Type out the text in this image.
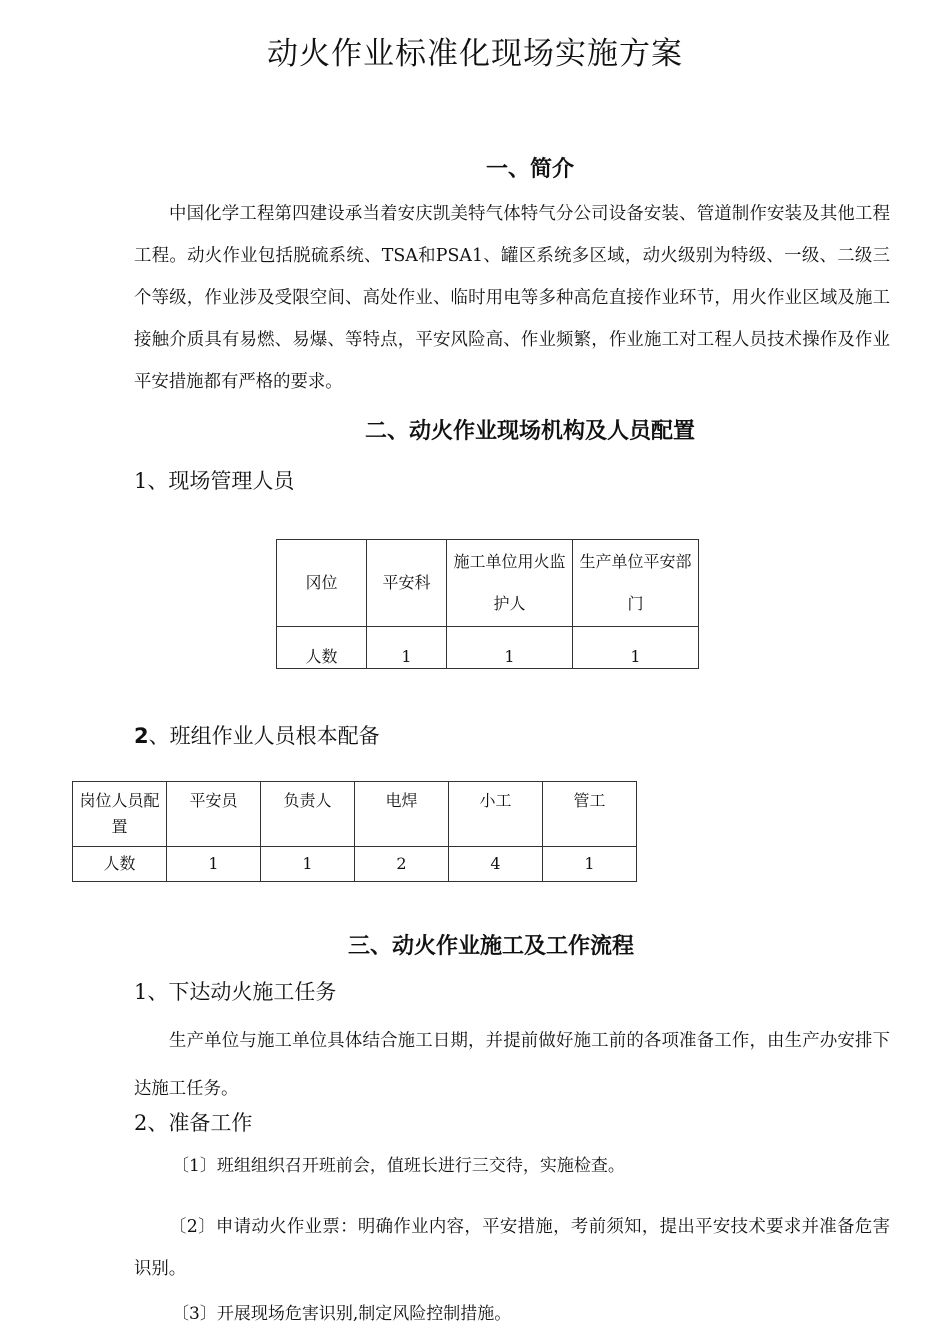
动火作业标准化现场实施方案
一、简介
中国化学工程第四建设承当着安庆凯美特气体特气分公司设备安装、管道制作安装及其他工程工程。动火作业包括脱硫系统、TSA和PSA1、罐区系统多区域，动火级别为特级、一级、二级三个等级，作业涉及受限空间、高处作业、临时用电等多种高危直接作业环节，用火作业区域及施工接触介质具有易燃、易爆、等特点，平安风险高、作业频繁，作业施工对工程人员技术操作及作业平安措施都有严格的要求。
二、动火作业现场机构及人员配置
1、现场管理人员
冈位	平安科	施工单位用火监护人	生产单位平安部门
人数	1	1	1
2、班组作业人员根本配备
岗位人员配置	平安员	负责人	电焊	小工	管工
人数	1	1	2	4	1
三、动火作业施工及工作流程
1、下达动火施工任务
生产单位与施工单位具体结合施工日期，并提前做好施工前的各项准备工作，由生产办安排下达施工任务。
2、准备工作
〔1〕班组组织召开班前会，值班长进行三交待，实施检查。
〔2〕申请动火作业票：明确作业内容，平安措施，考前须知，提出平安技术要求并准备危害识别。
〔3〕开展现场危害识别,制定风险控制措施。
